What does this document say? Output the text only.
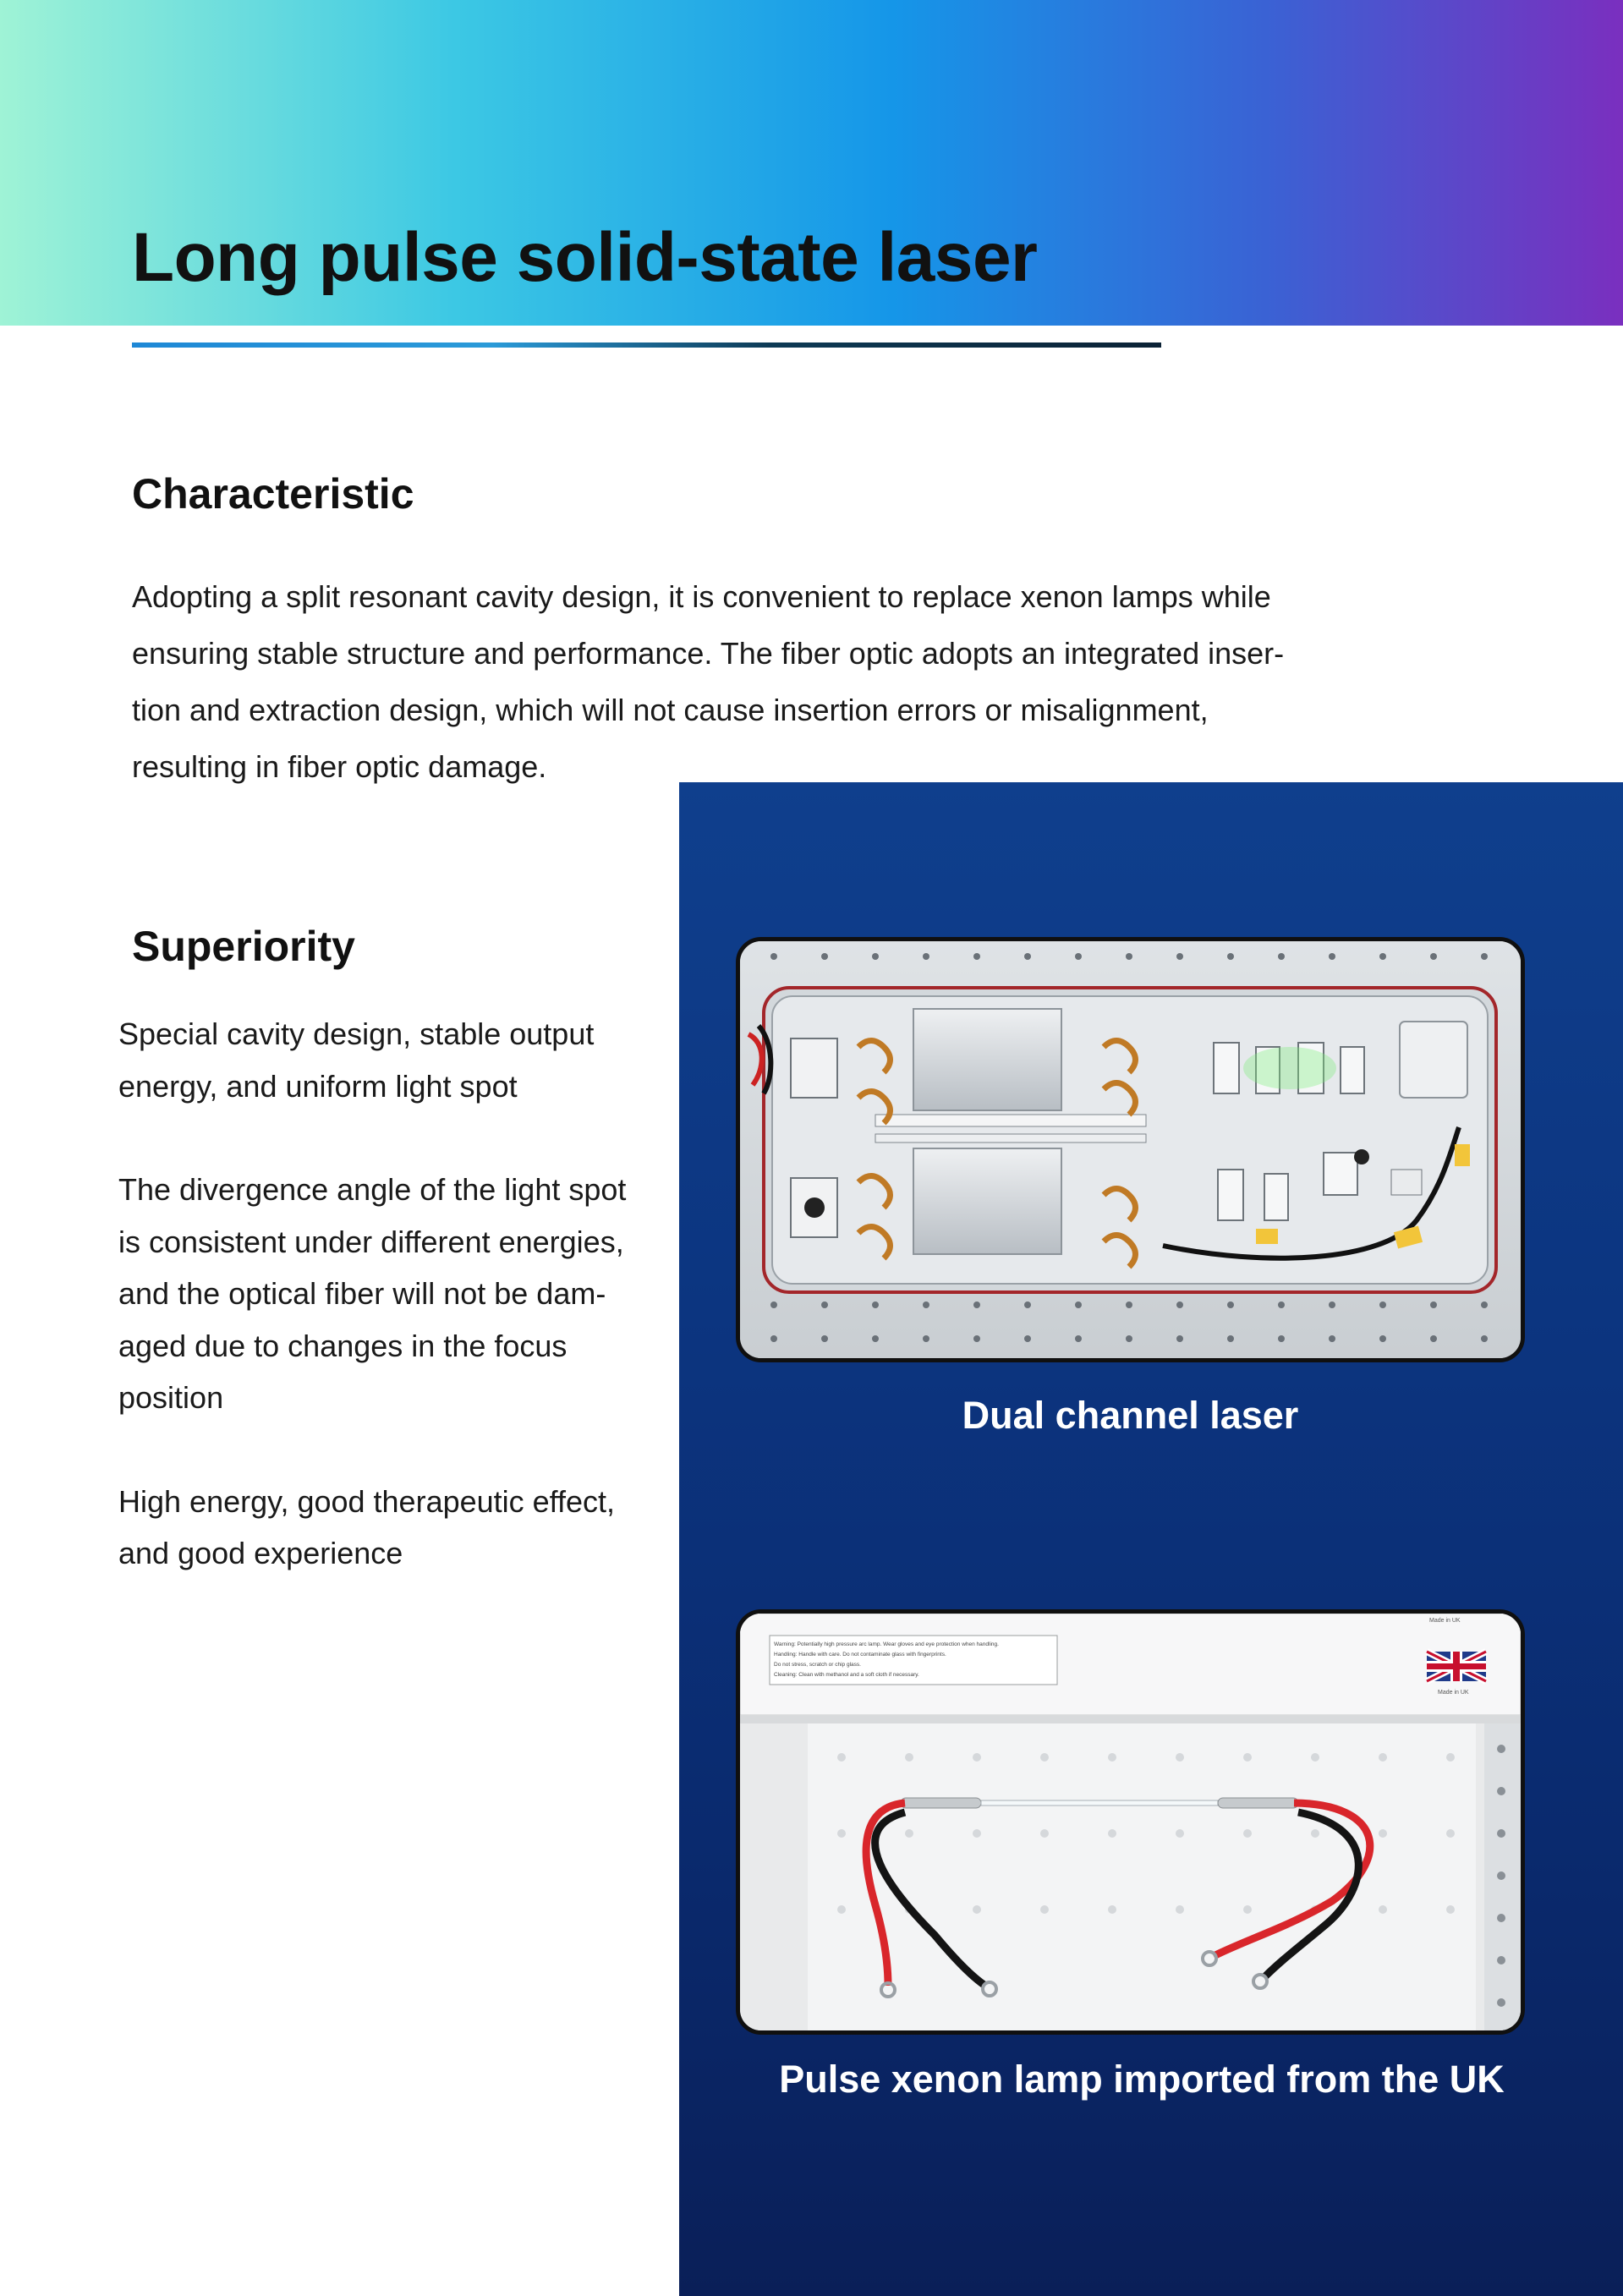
Long pulse solid-state laser
Characteristic

Adopting a split resonant cavity design, it is convenient to replace xenon lamps while

ensuring stable structure and performance. The fiber optic adopts an integrated inser-

tion and extraction design, which will not cause insertion errors or misalignment,

resulting in fiber optic damage.

Superiority
Special cavity design, stable output
energy, and uniform light spot
The divergence angle of the light spot
is consistent under different energies,
and the optical fiber will not be dam-
aged due to changes in the focus
position
High energy, good therapeutic effect,
and good experience

Dual channel laser

Warning: Potentially high pressure arc lamp. Wear gloves and eye protection when handling.
Handling: Handle with care. Do not contaminate glass with fingerprints.
Do not stress, scratch or chip glass.
Cleaning: Clean with methanol and a soft cloth if necessary.
Made in UK
Made in UK

Pulse xenon lamp imported from the UK
